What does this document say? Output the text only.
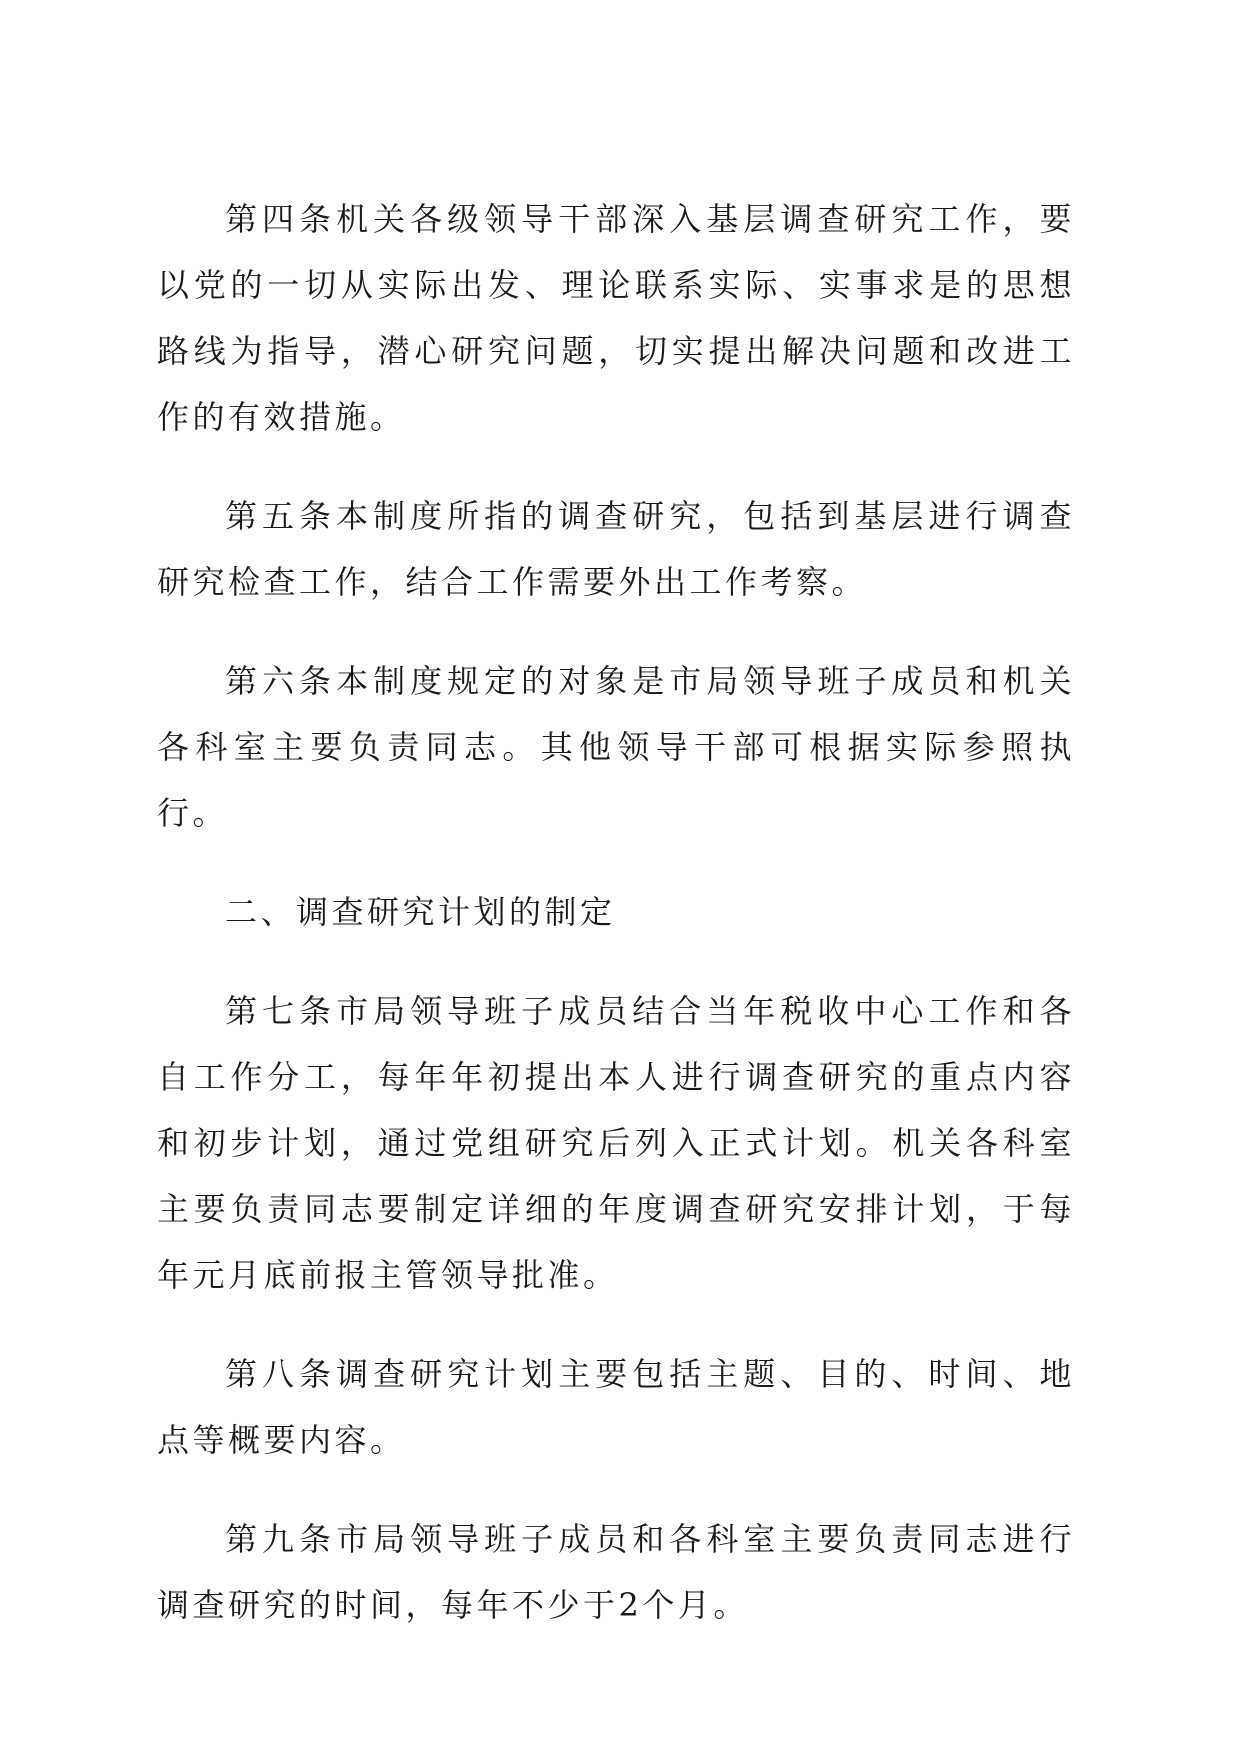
第四条机关各级领导干部深入基层调查研究工作，要以党的一切从实际出发、理论联系实际、实事求是的思想路线为指导，潜心研究问题，切实提出解决问题和改进工作的有效措施。

第五条本制度所指的调查研究，包括到基层进行调查研究检查工作，结合工作需要外出工作考察。

第六条本制度规定的对象是市局领导班子成员和机关各科室主要负责同志。其他领导干部可根据实际参照执行。

二、调查研究计划的制定

第七条市局领导班子成员结合当年税收中心工作和各自工作分工，每年年初提出本人进行调查研究的重点内容和初步计划，通过党组研究后列入正式计划。机关各科室主要负责同志要制定详细的年度调查研究安排计划，于每年元月底前报主管领导批准。

第八条调查研究计划主要包括主题、目的、时间、地点等概要内容。

第九条市局领导班子成员和各科室主要负责同志进行调查研究的时间，每年不少于2个月。
